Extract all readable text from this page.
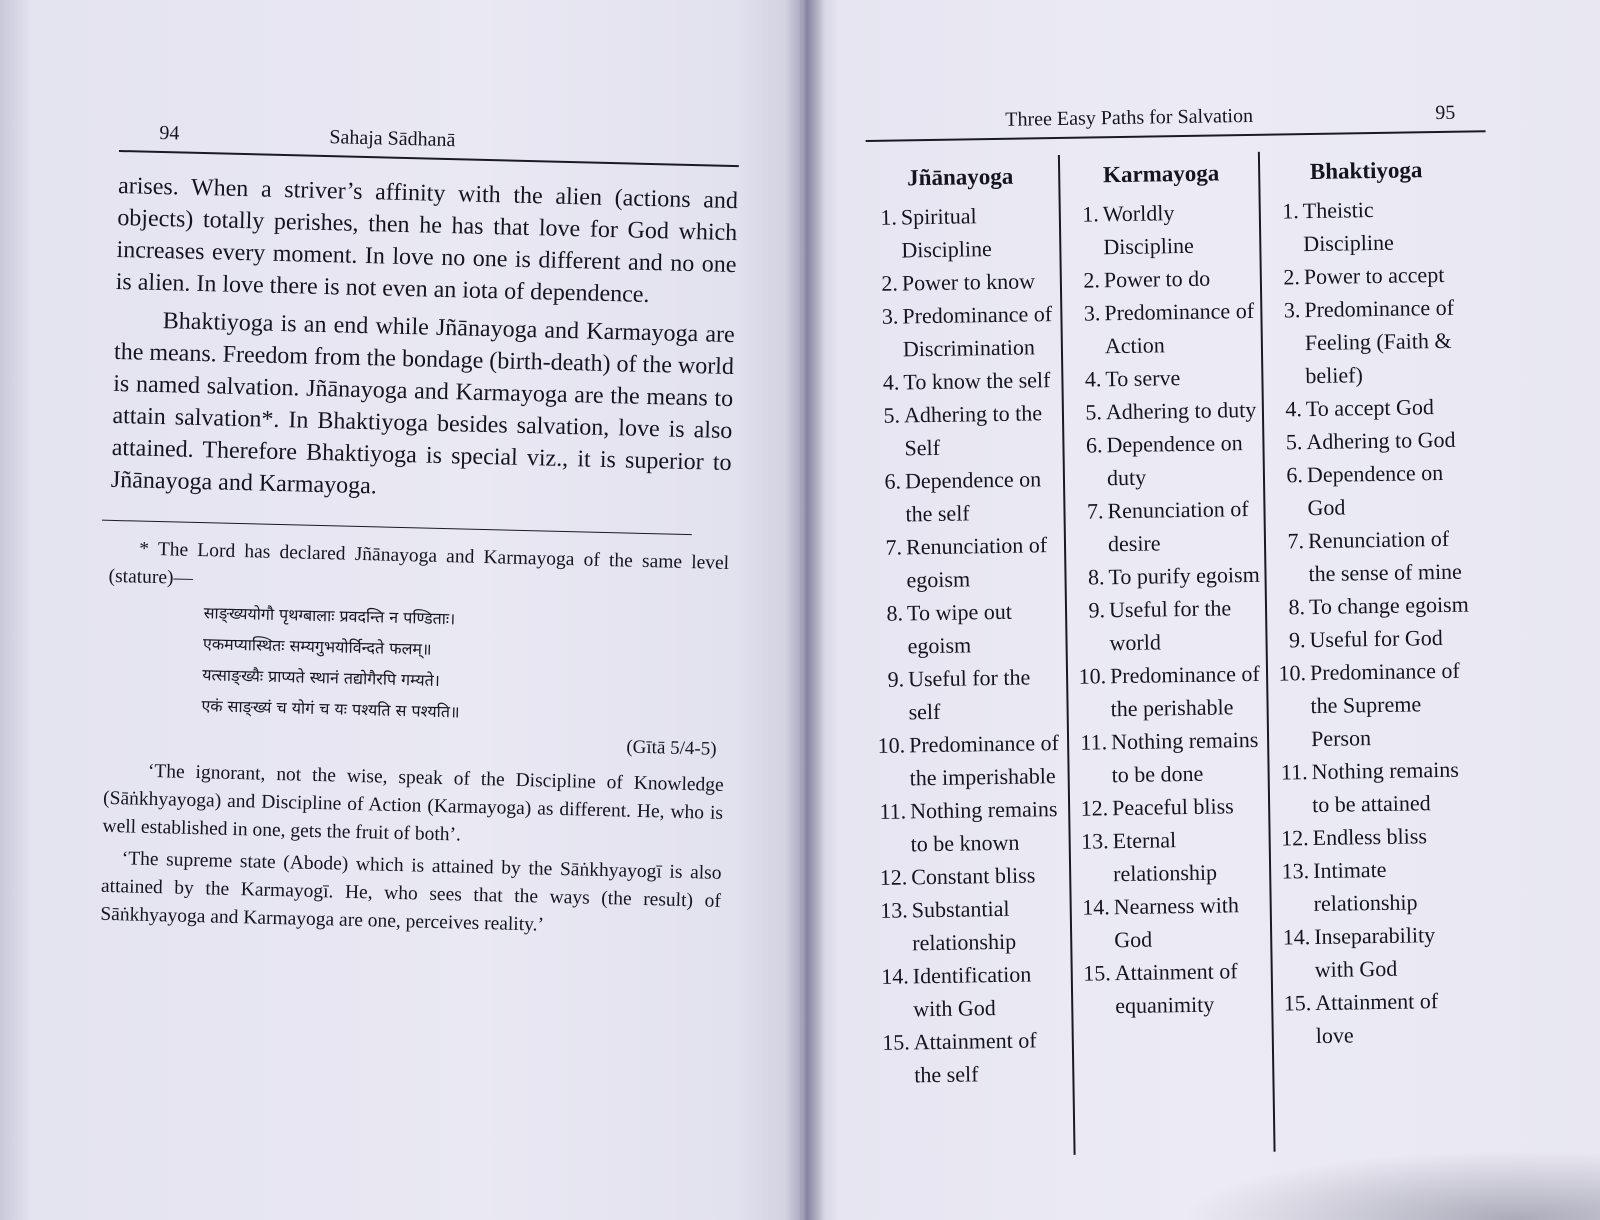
94	Sahaja Sādhanā

arises. When a striver’s affinity with the alien (actions and objects) totally perishes, then he has that love for God which increases every moment. In love no one is different and no one is alien. In love there is not even an iota of dependence.

Bhaktiyoga is an end while Jñānayoga and Karmayoga are the means. Freedom from the bondage (birth-death) of the world is named salvation. Jñānayoga and Karmayoga are the means to attain salvation*. In Bhaktiyoga besides salvation, love is also attained. Therefore Bhaktiyoga is special viz., it is superior to Jñānayoga and Karmayoga.

* The Lord has declared Jñānayoga and Karmayoga of the same level (stature)—

साङ्ख्ययोगौ पृथग्बालाः प्रवदन्ति न पण्डिताः।
एकमप्यास्थितः सम्यगुभयोर्विन्दते फलम्॥
यत्साङ्ख्यैः प्राप्यते स्थानं तद्योगैरपि गम्यते।
एकं साङ्ख्यं च योगं च यः पश्यति स पश्यति॥
(Gītā 5/4-5)

‘The ignorant, not the wise, speak of the Discipline of Knowledge (Sāṅkhyayoga) and Discipline of Action (Karmayoga) as different. He, who is well established in one, gets the fruit of both’.

‘The supreme state (Abode) which is attained by the Sāṅkhyayogī is also attained by the Karmayogī. He, who sees that the ways (the result) of Sāṅkhyayoga and Karmayoga are one, perceives reality.’

Three Easy Paths for Salvation	95
Jñānayoga
1. Spiritual Discipline
2. Power to know
3. Predominance of Discrimination
4. To know the self
5. Adhering to the Self
6. Dependence on the self
7. Renunciation of egoism
8. To wipe out egoism
9. Useful for the self
10. Predominance of the imperishable
11. Nothing remains to be known
12. Constant bliss
13. Substantial relationship
14. Identification with God
15. Attainment of the self
Karmayoga
1. Worldly Discipline
2. Power to do
3. Predominance of Action
4. To serve
5. Adhering to duty
6. Dependence on duty
7. Renunciation of desire
8. To purify egoism
9. Useful for the world
10. Predominance of the perishable
11. Nothing remains to be done
12. Peaceful bliss
13. Eternal relationship
14. Nearness with God
15. Attainment of equanimity
Bhaktiyoga
1. Theistic Discipline
2. Power to accept
3. Predominance of Feeling (Faith & belief)
4. To accept God
5. Adhering to God
6. Dependence on God
7. Renunciation of the sense of mine
8. To change egoism
9. Useful for God
10. Predominance of the Supreme Person
11. Nothing remains to be attained
12. Endless bliss
13. Intimate relationship
14. Inseparability with God
15. Attainment of love
